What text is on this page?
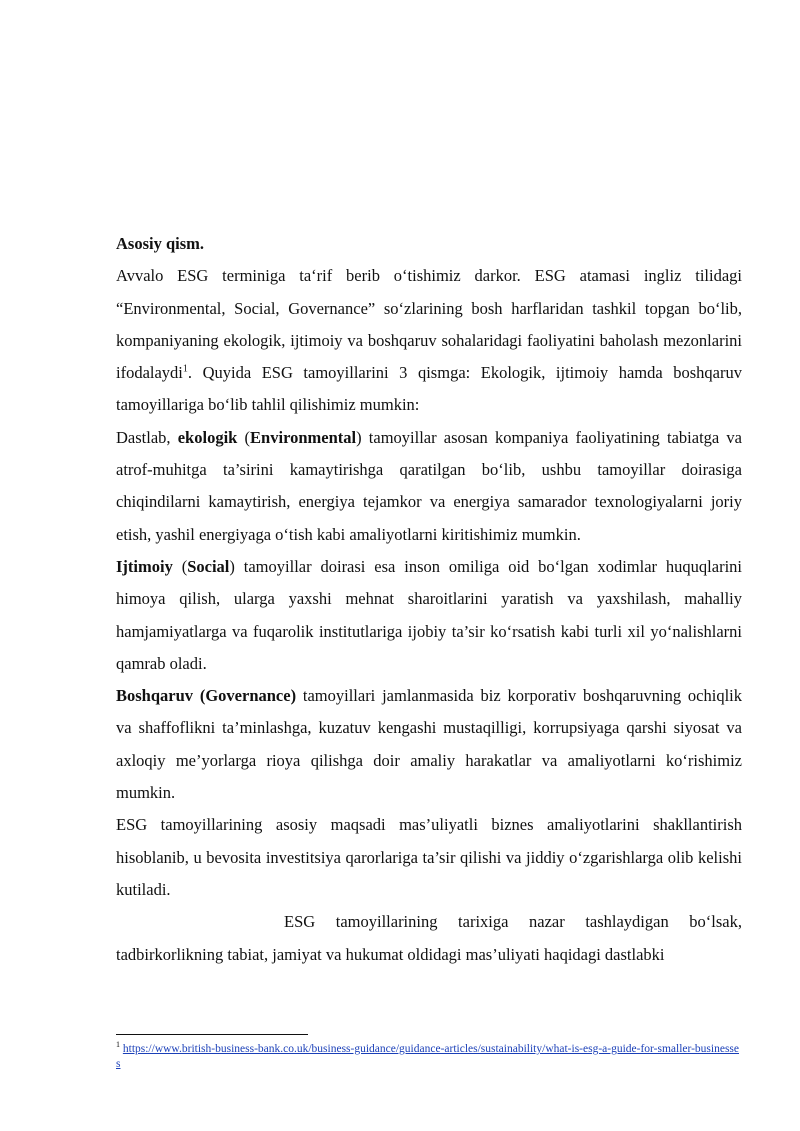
Asosiy qism.

Avvalo ESG terminiga ta‘rif berib o‘tishimiz darkor. ESG atamasi ingliz tilidagi “Environmental, Social, Governance” so‘zlarining bosh harflaridan tashkil topgan bo‘lib, kompaniyaning ekologik, ijtimoiy va boshqaruv sohalaridagi faoliyatini baholash mezonlarini ifodalaydi$^1$. Quyida ESG tamoyillarini 3 qismga: Ekologik, ijtimoiy hamda boshqaruv tamoyillariga bo‘lib tahlil qilishimiz mumkin:

Dastlab, ekologik (Environmental) tamoyillar asosan kompaniya faoliyatining tabiatga va atrof-muhitga ta’sirini kamaytirishga qaratilgan bo‘lib, ushbu tamoyillar doirasiga chiqindilarni kamaytirish, energiya tejamkor va energiya samarador texnologiyalarni joriy etish, yashil energiyaga o‘tish kabi amaliyotlarni kiritishimiz mumkin.

Ijtimoiy (Social) tamoyillar doirasi esa inson omiliga oid bo‘lgan xodimlar huquqlarini himoya qilish, ularga yaxshi mehnat sharoitlarini yaratish va yaxshilash, mahalliy hamjamiyatlarga va fuqarolik institutlariga ijobiy ta’sir ko‘rsatish kabi turli xil yo‘nalishlarni qamrab oladi.

Boshqaruv (Governance) tamoyillari jamlanmasida biz korporativ boshqaruvning ochiqlik va shaffoflikni ta’minlashga, kuzatuv kengashi mustaqilligi, korrupsiyaga qarshi siyosat va axloqiy me’yorlarga rioya qilishga doir amaliy harakatlar va amaliyotlarni ko‘rishimiz mumkin.

ESG tamoyillarining asosiy maqsadi mas’uliyatli biznes amaliyotlarini shakllantirish hisoblanib, u bevosita investitsiya qarorlariga ta’sir qilishi va jiddiy o‘zgarishlarga olib kelishi kutiladi.

ESG tamoyillarining tarixiga nazar tashlaydigan bo‘lsak, tadbirkorlikning tabiat, jamiyat va hukumat oldidagi mas’uliyati haqidagi dastlabki

$^1$ https://www.british-business-bank.co.uk/business-guidance/guidance-articles/sustainability/what-is-esg-a-guide-for-smaller-businesses
